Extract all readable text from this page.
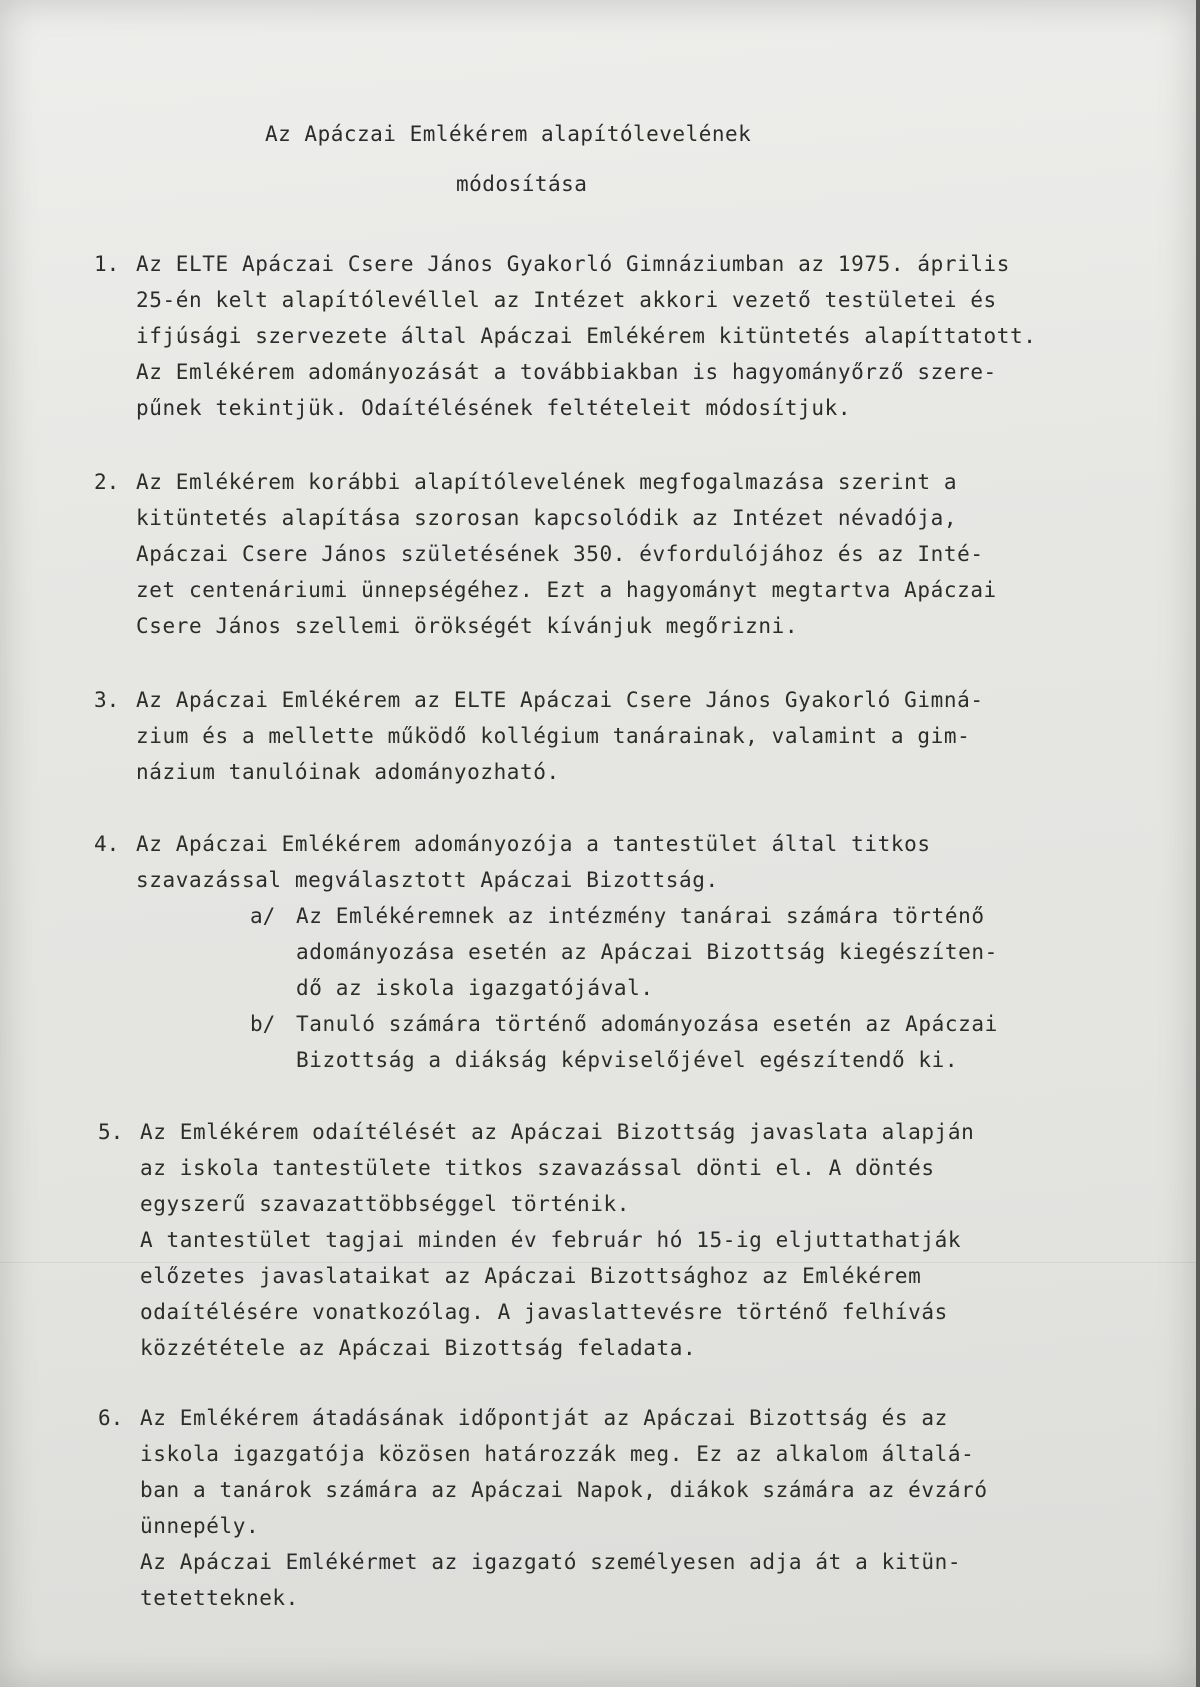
Az Apáczai Emlékérem alapítólevelének
módosítása
1. Az ELTE Apáczai Csere János Gyakorló Gimnáziumban az 1975. április
25-én kelt alapítólevéllel az Intézet akkori vezető testületei és
ifjúsági szervezete által Apáczai Emlékérem kitüntetés alapíttatott.
Az Emlékérem adományozását a továbbiakban is hagyományőrző szere-
pűnek tekintjük. Odaítélésének feltételeit módosítjuk.
2. Az Emlékérem korábbi alapítólevelének megfogalmazása szerint a
kitüntetés alapítása szorosan kapcsolódik az Intézet névadója,
Apáczai Csere János születésének 350. évfordulójához és az Inté-
zet centenáriumi ünnepségéhez. Ezt a hagyományt megtartva Apáczai
Csere János szellemi örökségét kívánjuk megőrizni.
3. Az Apáczai Emlékérem az ELTE Apáczai Csere János Gyakorló Gimná-
zium és a mellette működő kollégium tanárainak, valamint a gim-
názium tanulóinak adományozható.
4. Az Apáczai Emlékérem adományozója a tantestület által titkos
szavazással megválasztott Apáczai Bizottság.
a/ Az Emlékéremnek az intézmény tanárai számára történő
adományozása esetén az Apáczai Bizottság kiegészíten-
dő az iskola igazgatójával.
b/ Tanuló számára történő adományozása esetén az Apáczai
Bizottság a diákság képviselőjével egészítendő ki.
5. Az Emlékérem odaítélését az Apáczai Bizottság javaslata alapján
az iskola tantestülete titkos szavazással dönti el. A döntés
egyszerű szavazattöbbséggel történik.
A tantestület tagjai minden év február hó 15-ig eljuttathatják
előzetes javaslataikat az Apáczai Bizottsághoz az Emlékérem
odaítélésére vonatkozólag. A javaslattevésre történő felhívás
közzététele az Apáczai Bizottság feladata.
6. Az Emlékérem átadásának időpontját az Apáczai Bizottság és az
iskola igazgatója közösen határozzák meg. Ez az alkalom általá-
ban a tanárok számára az Apáczai Napok, diákok számára az évzáró
ünnepély.
Az Apáczai Emlékérmet az igazgató személyesen adja át a kitün-
tetetteknek.
